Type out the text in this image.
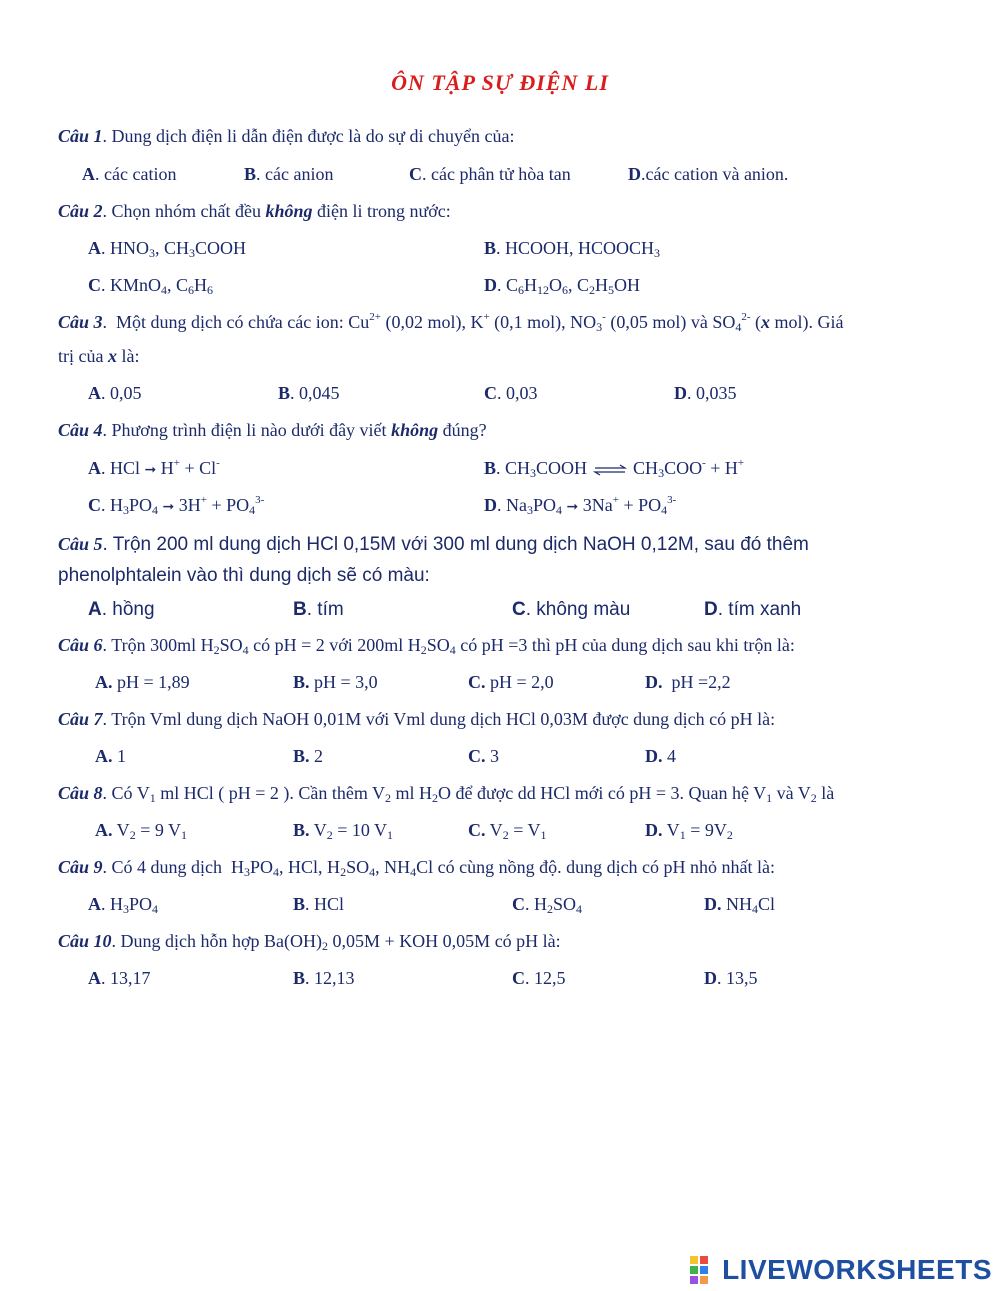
ÔN TẬP SỰ ĐIỆN LI
Câu 1. Dung dịch điện li dẫn điện được là do sự di chuyển của:
A. các cation	B. các anion	C. các phân tử hòa tan	D.các cation và anion.
Câu 2. Chọn nhóm chất đều không điện li trong nước:
A. $HNO_3$, $CH_3COOH$	B. HCOOH, $HCOOCH_3$
C. KMnO$_4$, $C_6H_6$	D. $C_6H_{12}O_6$, $C_2H_5OH$
Câu 3.  Một dung dịch có chứa các ion: $Cu^{2+}$ (0,02 mol), K+ (0,1 mol), $NO_3^-$ (0,05 mol) và $SO_4^{2-}$ (x mol). Giá
trị của x là:
A. 0,05	B. 0,045	C. 0,03	D. 0,035
Câu 4. Phương trình điện li nào dưới đây viết không đúng?
A. HCl ➞ H+ + Cl-	B. $CH_3COOH$ ⇌ $CH_3COO^- + H^+$
C. $H_3PO_4$ ➞ $3H^+ + PO_4^{3-}$	D. $Na_3PO_4$ ➞ $3Na^+ + PO_4^{3-}$
Câu 5. Trộn 200 ml dung dịch HCl 0,15M với 300 ml dung dịch NaOH 0,12M, sau đó thêm
phenolphtalein vào thì dung dịch sẽ có màu:
A. hồng	B. tím	C. không màu	D. tím xanh
Câu 6. Trộn 300ml $H_2SO_4$ có pH = 2 với 200ml $H_2SO_4$ có pH =3 thì pH của dung dịch sau khi trộn là:
A. pH = 1,89	B. pH = 3,0	C. pH = 2,0	D.  pH =2,2
Câu 7. Trộn Vml dung dịch NaOH 0,01M với Vml dung dịch HCl 0,03M được dung dịch có pH là:
A. 1	B. 2	C. 3	D. 4
Câu 8. Có $V_1$ ml HCl ( pH = 2 ). Cần thêm $V_2$ ml $H_2O$ để được dd HCl mới có pH = 3. Quan hệ $V_1$ và $V_2$ là
A. $V_2 = 9$ $V_1$	B. $V_2 = 10$ $V_1$	C. $V_2 = V_1$	D. $V_1 = 9V_2$
Câu 9. Có 4 dung dịch  $H_3PO_4$, HCl, $H_2SO_4$, $NH_4Cl$ có cùng nồng độ. dung dịch có pH nhỏ nhất là:
A. $H_3PO_4$	B. HCl	C. $H_2SO_4$	D. $NH_4Cl$
Câu 10. Dung dịch hỗn hợp $Ba(OH)_2$ 0,05M + KOH 0,05M có pH là:
A. 13,17	B. 12,13	C. 12,5	D. 13,5
LIVEWORKSHEETS
